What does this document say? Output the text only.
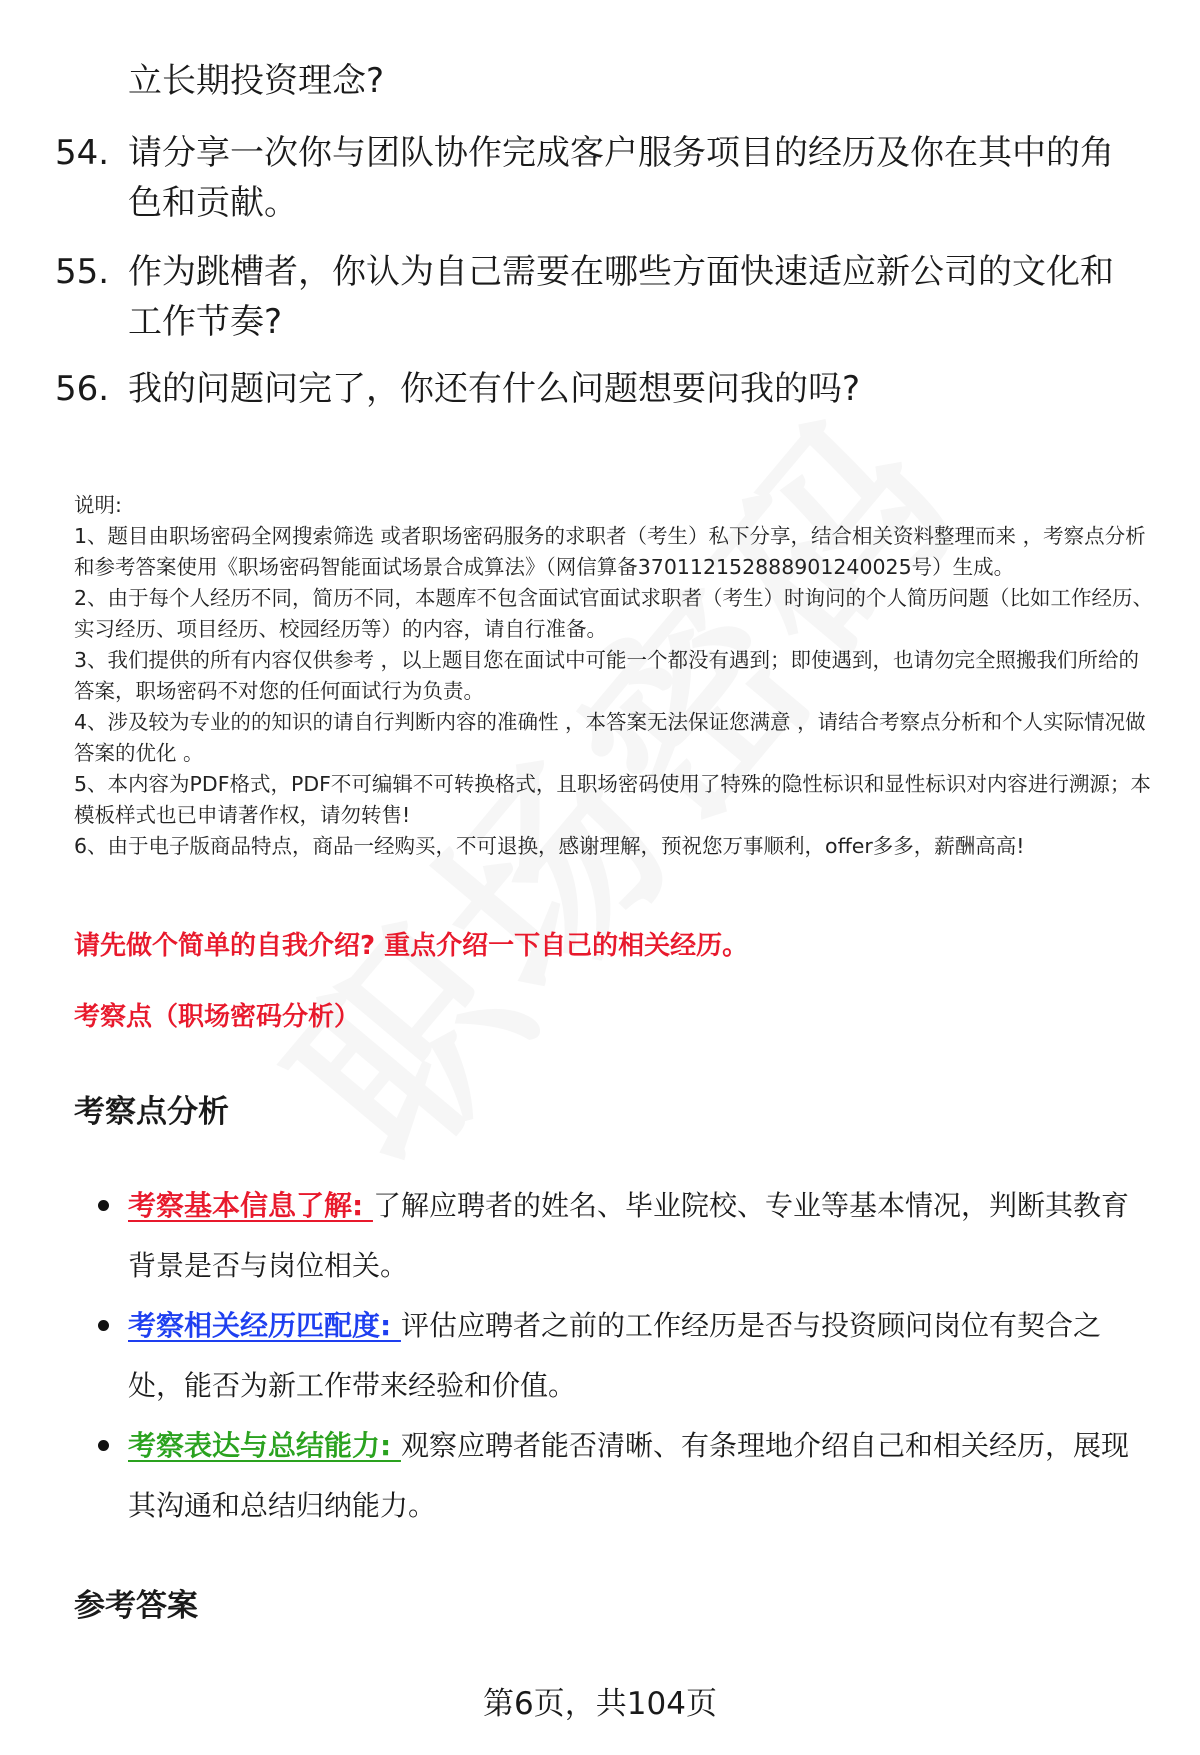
立长期投资理念?
54. 请分享一次你与团队协作完成客户服务项目的经历及你在其中的角色和贡献。
55. 作为跳槽者，你认为自己需要在哪些方面快速适应新公司的文化和工作节奏?
56. 我的问题问完了，你还有什么问题想要问我的吗?

说明:

1、题目由职场密码全网搜索筛选 或者职场密码服务的求职者（考生）私下分享，结合相关资料整理而来 ，考察点分析和参考答案使用《职场密码智能面试场景合成算法》（网信算备370112152888901240025号）生成。

2、由于每个人经历不同，简历不同，本题库不包含面试官面试求职者（考生）时询问的个人简历问题（比如工作经历、实习经历、项目经历、校园经历等）的内容，请自行准备。

3、我们提供的所有内容仅供参考 ，以上题目您在面试中可能一个都没有遇到；即使遇到，也请勿完全照搬我们所给的答案，职场密码不对您的任何面试行为负责。

4、涉及较为专业的的知识的请自行判断内容的准确性 ，本答案无法保证您满意 ，请结合考察点分析和个人实际情况做答案的优化 。

5、本内容为PDF格式，PDF不可编辑不可转换格式，且职场密码使用了特殊的隐性标识和显性标识对内容进行溯源；本模板样式也已申请著作权，请勿转售!

6、由于电子版商品特点，商品一经购买，不可退换，感谢理解，预祝您万事顺利，offer多多，薪酬高高!

请先做个简单的自我介绍? 重点介绍一下自己的相关经历。
考察点（职场密码分析）
考察点分析
考察基本信息了解: 了解应聘者的姓名、毕业院校、专业等基本情况，判断其教育背景是否与岗位相关。
考察相关经历匹配度: 评估应聘者之前的工作经历是否与投资顾问岗位有契合之处，能否为新工作带来经验和价值。
考察表达与总结能力: 观察应聘者能否清晰、有条理地介绍自己和相关经历，展现其沟通和总结归纳能力。
参考答案
第6页，共104页
